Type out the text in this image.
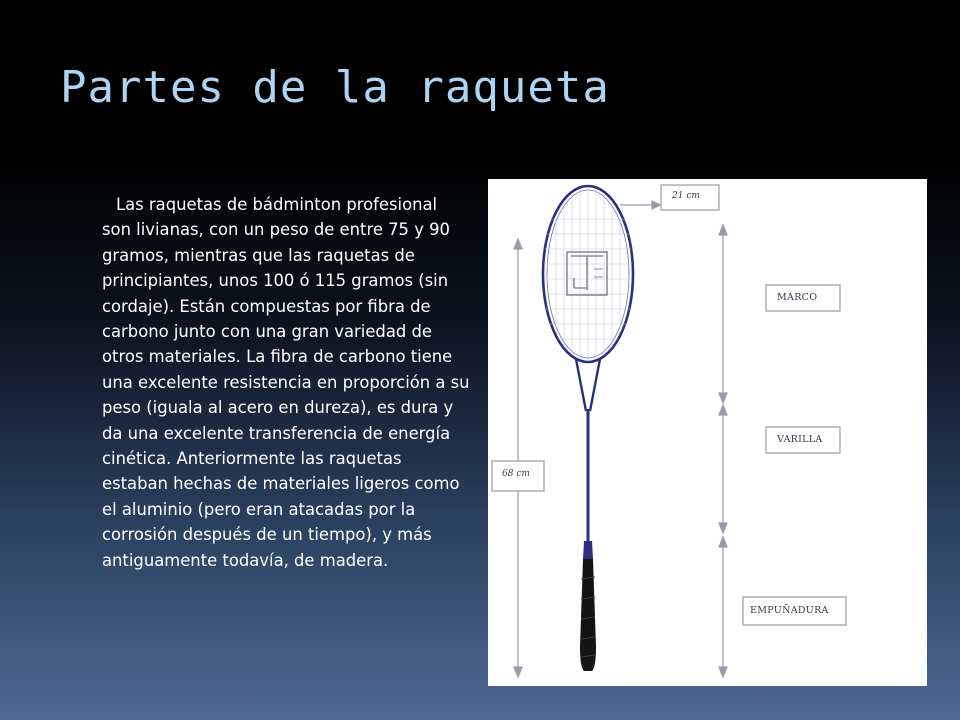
Partes de la raqueta

Las raquetas de bádminton profesional son livianas, con un peso de entre 75 y 90 gramos, mientras que las raquetas de principiantes, unos 100 ó 115 gramos (sin cordaje). Están compuestas por fibra de carbono junto con una gran variedad de otros materiales. La fibra de carbono tiene una excelente resistencia en proporción a su peso (iguala al acero en dureza), es dura y da una excelente transferencia de energía cinética. Anteriormente las raquetas estaban hechas de materiales ligeros como el aluminio (pero eran atacadas por la corrosión después de un tiempo), y más antiguamente todavía, de madera.

21 cm
68 cm
MARCO
VARILLA
EMPUÑADURA
